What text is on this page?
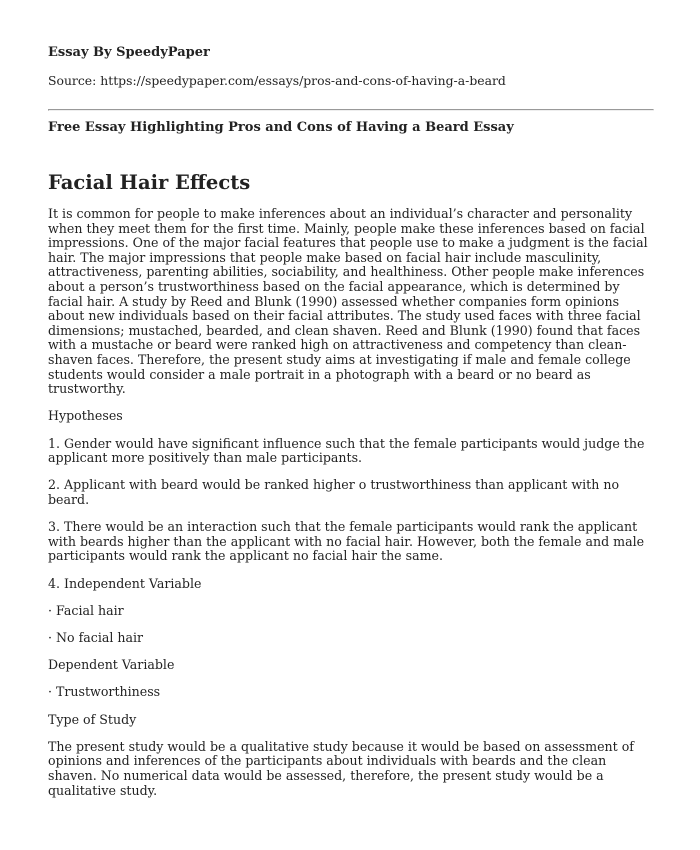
Essay By SpeedyPaper

Source: https://speedypaper.com/essays/pros-and-cons-of-having-a-beard

Free Essay Highlighting Pros and Cons of Having a Beard Essay

Facial Hair Effects

It is common for people to make inferences about an individual’s character and personality when they meet them for the first time. Mainly, people make these inferences based on facial impressions. One of the major facial features that people use to make a judgment is the facial hair. The major impressions that people make based on facial hair include masculinity, attractiveness, parenting abilities, sociability, and healthiness. Other people make inferences about a person’s trustworthiness based on the facial appearance, which is determined by facial hair. A study by Reed and Blunk (1990) assessed whether companies form opinions about new individuals based on their facial attributes. The study used faces with three facial dimensions; mustached, bearded, and clean shaven. Reed and Blunk (1990) found that faces with a mustache or beard were ranked high on attractiveness and competency than clean-shaven faces. Therefore, the present study aims at investigating if male and female college students would consider a male portrait in a photograph with a beard or no beard as trustworthy.

Hypotheses

1. Gender would have significant influence such that the female participants would judge the applicant more positively than male participants.

2. Applicant with beard would be ranked higher o trustworthiness than applicant with no beard.

3. There would be an interaction such that the female participants would rank the applicant with beards higher than the applicant with no facial hair. However, both the female and male participants would rank the applicant no facial hair the same.

4. Independent Variable

· Facial hair

· No facial hair

Dependent Variable

· Trustworthiness

Type of Study

The present study would be a qualitative study because it would be based on assessment of opinions and inferences of the participants about individuals with beards and the clean shaven. No numerical data would be assessed, therefore, the present study would be a qualitative study.
